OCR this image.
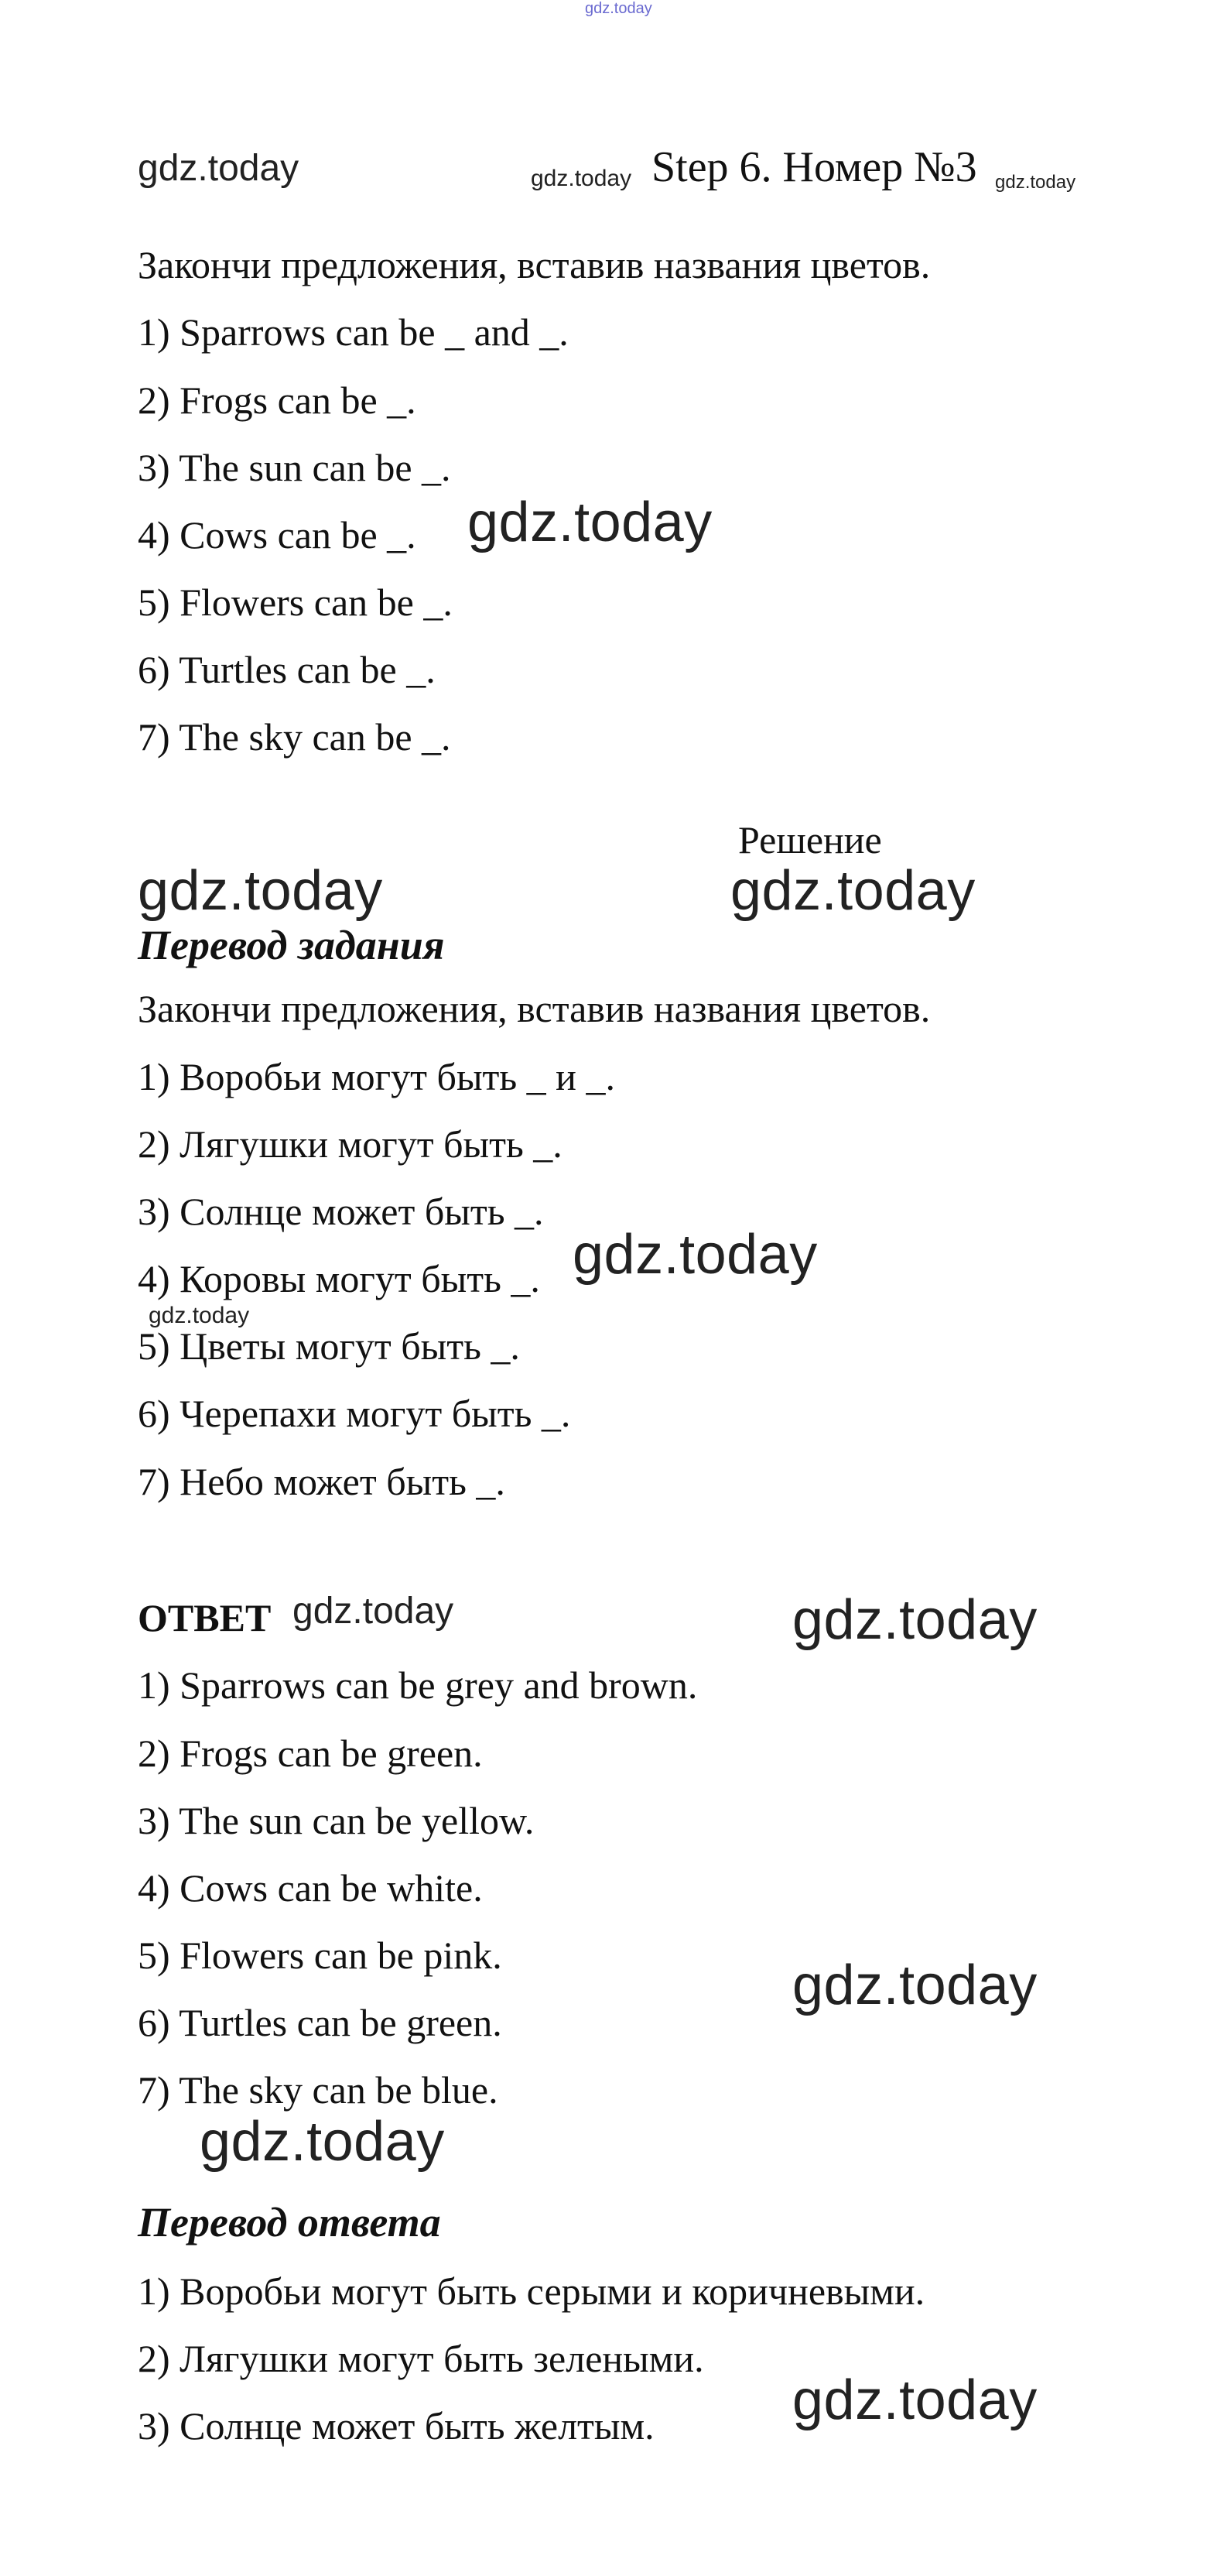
gdz.today
gdz.today	gdz.today Step 6. Номер №3 gdz.today
Закончи предложения, вставив названия цветов.
1) Sparrows can be _ and _.
2) Frogs can be _.
3) The sun can be _.
4) Cows can be _. gdz.today
5) Flowers can be _.
6) Turtles can be _.
7) The sky can be _.
Решение
gdz.today	gdz.today
Перевод задания
Закончи предложения, вставив названия цветов.
1) Воробьи могут быть _ и _.
2) Лягушки могут быть _.
3) Солнце может быть _.
4) Коровы могут быть _. gdz.today
gdz.today
5) Цветы могут быть _.
6) Черепахи могут быть _.
7) Небо может быть _.
ОТВЕТ gdz.today	gdz.today
1) Sparrows can be grey and brown.
2) Frogs can be green.
3) The sun can be yellow.
4) Cows can be white.
5) Flowers can be pink.	gdz.today
6) Turtles can be green.
7) The sky can be blue.
gdz.today
Перевод ответа
1) Воробьи могут быть серыми и коричневыми.
2) Лягушки могут быть зелеными.
3) Солнце может быть желтым. gdz.today
